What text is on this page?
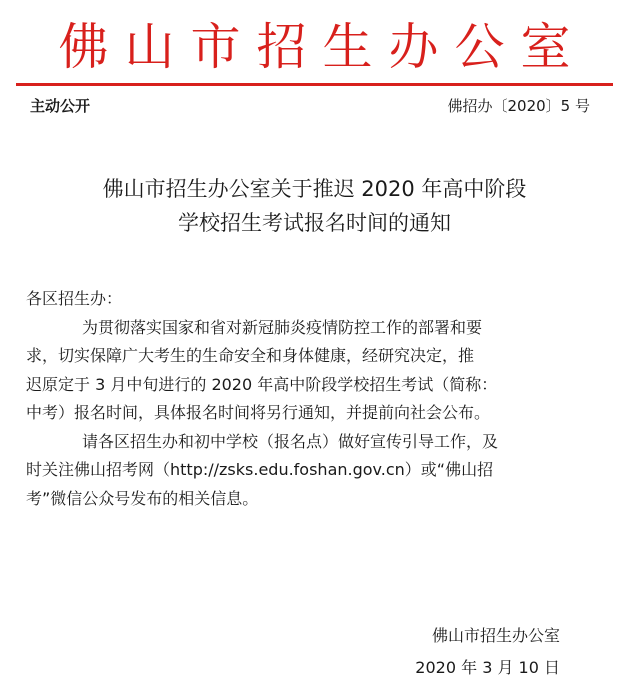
佛山市招生办公室
主动公开	佛招办〔2020〕5 号
佛山市招生办公室关于推迟 2020 年高中阶段
学校招生考试报名时间的通知
各区招生办：
为贯彻落实国家和省对新冠肺炎疫情防控工作的部署和要
求，切实保障广大考生的生命安全和身体健康，经研究决定，推
迟原定于 3 月中旬进行的 2020 年高中阶段学校招生考试（简称：
中考）报名时间，具体报名时间将另行通知，并提前向社会公布。
请各区招生办和初中学校（报名点）做好宣传引导工作，及
时关注佛山招考网（http://zsks.edu.foshan.gov.cn）或“佛山招
考”微信公众号发布的相关信息。
佛山市招生办公室
2020 年 3 月 10 日
